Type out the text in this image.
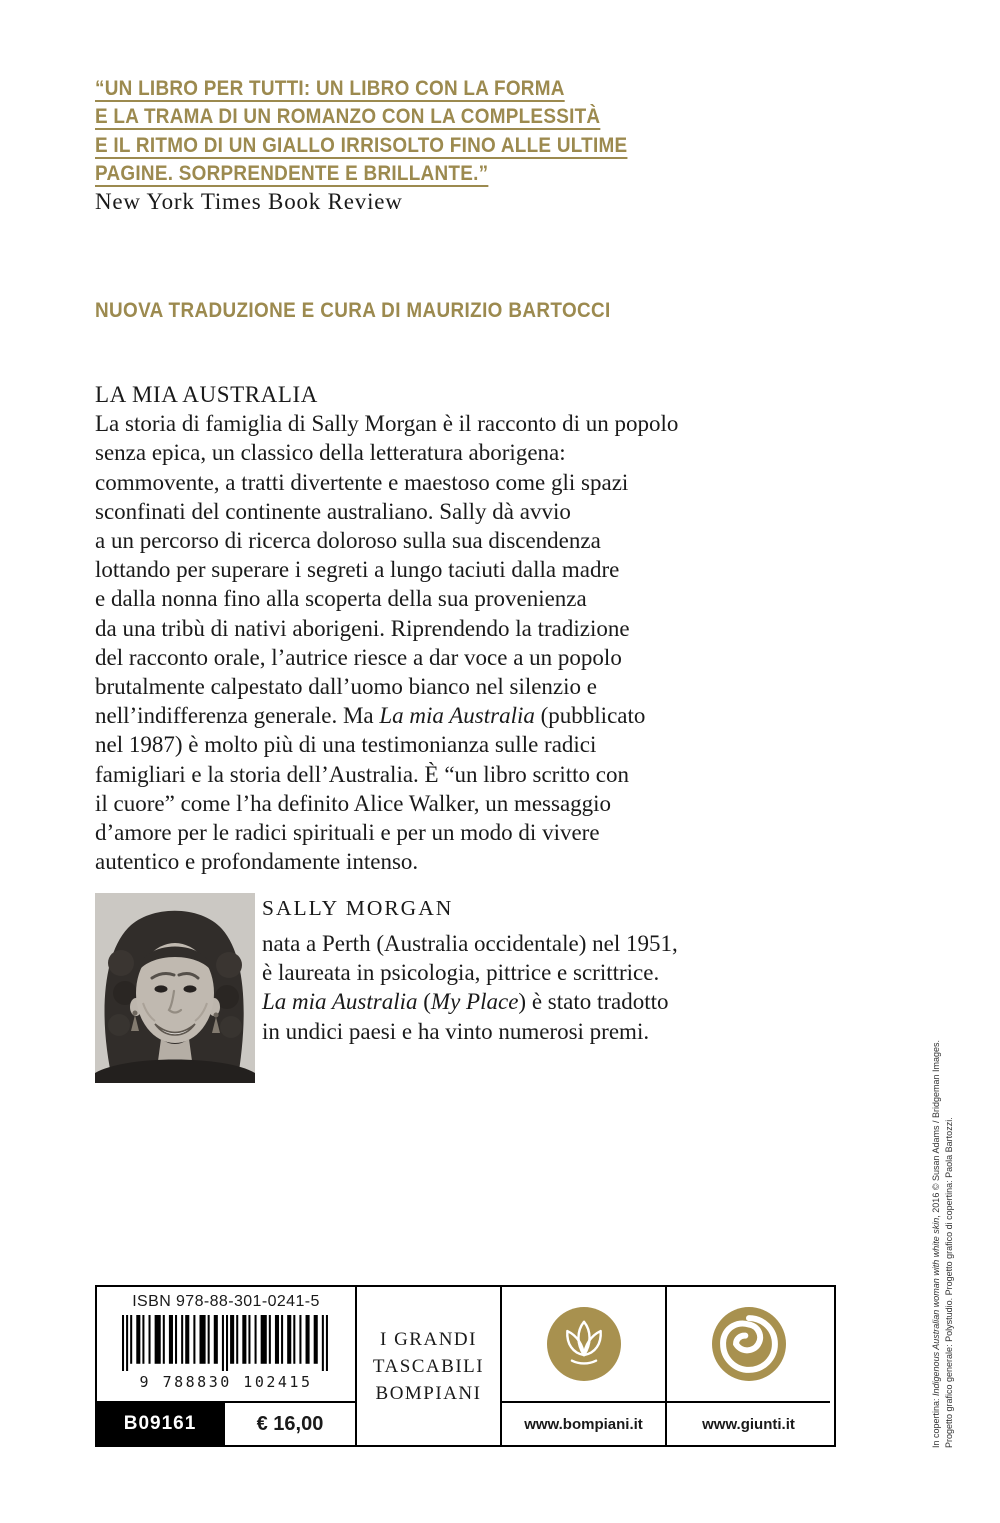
“UN LIBRO PER TUTTI: UN LIBRO CON LA FORMA
E LA TRAMA DI UN ROMANZO CON LA COMPLESSITÀ
E IL RITMO DI UN GIALLO IRRISOLTO FINO ALLE ULTIME
PAGINE. SORPRENDENTE E BRILLANTE.”
New York Times Book Review
NUOVA TRADUZIONE E CURA DI MAURIZIO BARTOCCI
LA MIA AUSTRALIA
La storia di famiglia di Sally Morgan è il racconto di un popolo
senza epica, un classico della letteratura aborigena:
commovente, a tratti divertente e maestoso come gli spazi
sconfinati del continente australiano. Sally dà avvio
a un percorso di ricerca doloroso sulla sua discendenza
lottando per superare i segreti a lungo taciuti dalla madre
e dalla nonna fino alla scoperta della sua provenienza
da una tribù di nativi aborigeni. Riprendendo la tradizione
del racconto orale, l’autrice riesce a dar voce a un popolo
brutalmente calpestato dall’uomo bianco nel silenzio e
nell’indifferenza generale. Ma La mia Australia (pubblicato
nel 1987) è molto più di una testimonianza sulle radici
famigliari e la storia dell’Australia. È “un libro scritto con
il cuore” come l’ha definito Alice Walker, un messaggio
d’amore per le radici spirituali e per un modo di vivere
autentico e profondamente intenso.
SALLY MORGAN
nata a Perth (Australia occidentale) nel 1951,
è laureata in psicologia, pittrice e scrittrice.
La mia Australia (My Place) è stato tradotto
in undici paesi e ha vinto numerosi premi.
ISBN 978-88-301-0241-5
9 788830 102415
B09161	€ 16,00
I GRANDI
TASCABILI
BOMPIANI
www.bompiani.it	www.giunti.it	In copertina: Indigenous Australian woman with white skin, 2016 © Susan Adams / Bridgeman Images. Progetto grafico generale: Polystudio. Progetto grafico di copertina: Paola Bartozzi.
